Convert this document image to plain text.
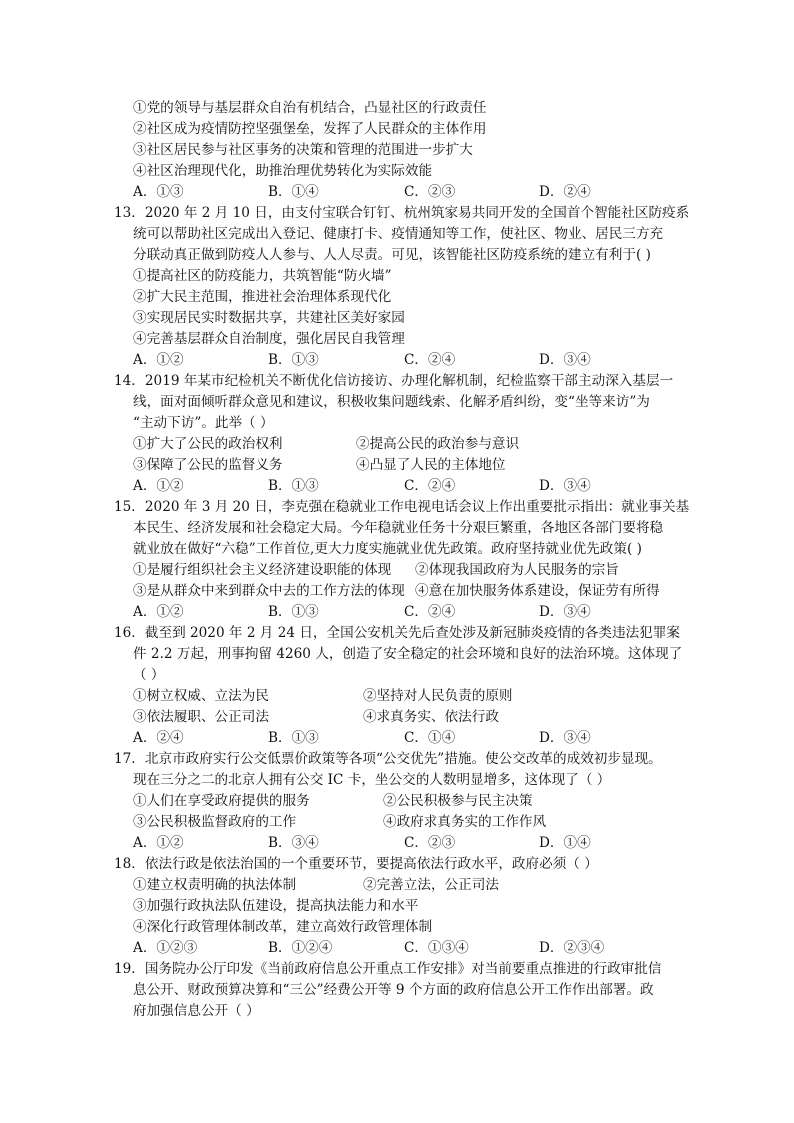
①党的领导与基层群众自治有机结合，凸显社区的行政责任
②社区成为疫情防控坚强堡垒，发挥了人民群众的主体作用
③社区居民参与社区事务的决策和管理的范围进一步扩大
④社区治理现代化，助推治理优势转化为实际效能
A．①③	B．①④	C．②③	D．②④
13．2020 年 2 月 10 日，由支付宝联合钉钉、杭州筑家易共同开发的全国首个智能社区防疫系
统可以帮助社区完成出入登记、健康打卡、疫情通知等工作，使社区、物业、居民三方充
分联动真正做到防疫人人参与、人人尽责。可见，该智能社区防疫系统的建立有利于( )
①提高社区的防疫能力，共筑智能“防火墙”
②扩大民主范围，推进社会治理体系现代化
③实现居民实时数据共享，共建社区美好家园
④完善基层群众自治制度，强化居民自我管理
A．①②	B．①③	C．②④	D．③④
14．2019 年某市纪检机关不断优化信访接访、办理化解机制，纪检监察干部主动深入基层一
线，面对面倾听群众意见和建议，积极收集问题线索、化解矛盾纠纷，变“坐等来访”为
“主动下访”。此举（ ）
①扩大了公民的政治权利	②提高公民的政治参与意识
③保障了公民的监督义务	④凸显了人民的主体地位
A．①②	B．①③	C．②④	D．③④
15．2020 年 3 月 20 日，李克强在稳就业工作电视电话会议上作出重要批示指出：就业事关基
本民生、经济发展和社会稳定大局。今年稳就业任务十分艰巨繁重，各地区各部门要将稳
就业放在做好“六稳”工作首位,更大力度实施就业优先政策。政府坚持就业优先政策( )
①是履行组织社会主义经济建设职能的体现 ②体现我国政府为人民服务的宗旨
③是从群众中来到群众中去的工作方法的体现 ④意在加快服务体系建设，保证劳有所得
A．①②	B．①③	C．②④	D．③④
16．截至到 2020 年 2 月 24 日，全国公安机关先后查处涉及新冠肺炎疫情的各类违法犯罪案
件 2.2 万起，刑事拘留 4260 人，创造了安全稳定的社会环境和良好的法治环境。这体现了
（ ）
①树立权威、立法为民	②坚持对人民负责的原则
③依法履职、公正司法	④求真务实、依法行政
A．②④	B．①③	C．①④	D．③④
17．北京市政府实行公交低票价政策等各项“公交优先”措施。使公交改革的成效初步显现。
现在三分之二的北京人拥有公交 IC 卡，坐公交的人数明显增多，这体现了（ ）
①人们在享受政府提供的服务	②公民积极参与民主决策
③公民积极监督政府的工作	④政府求真务实的工作作风
A．①②	B．③④	C．②③	D．①④
18．依法行政是依法治国的一个重要环节，要提高依法行政水平，政府必须（ ）
①建立权责明确的执法体制	②完善立法，公正司法
③加强行政执法队伍建设，提高执法能力和水平
④深化行政管理体制改革，建立高效行政管理体制
A．①②③	B．①②④	C．①③④	D．②③④
19．国务院办公厅印发《当前政府信息公开重点工作安排》对当前要重点推进的行政审批信
息公开、财政预算决算和“三公”经费公开等 9 个方面的政府信息公开工作作出部署。政
府加强信息公开（ ）
